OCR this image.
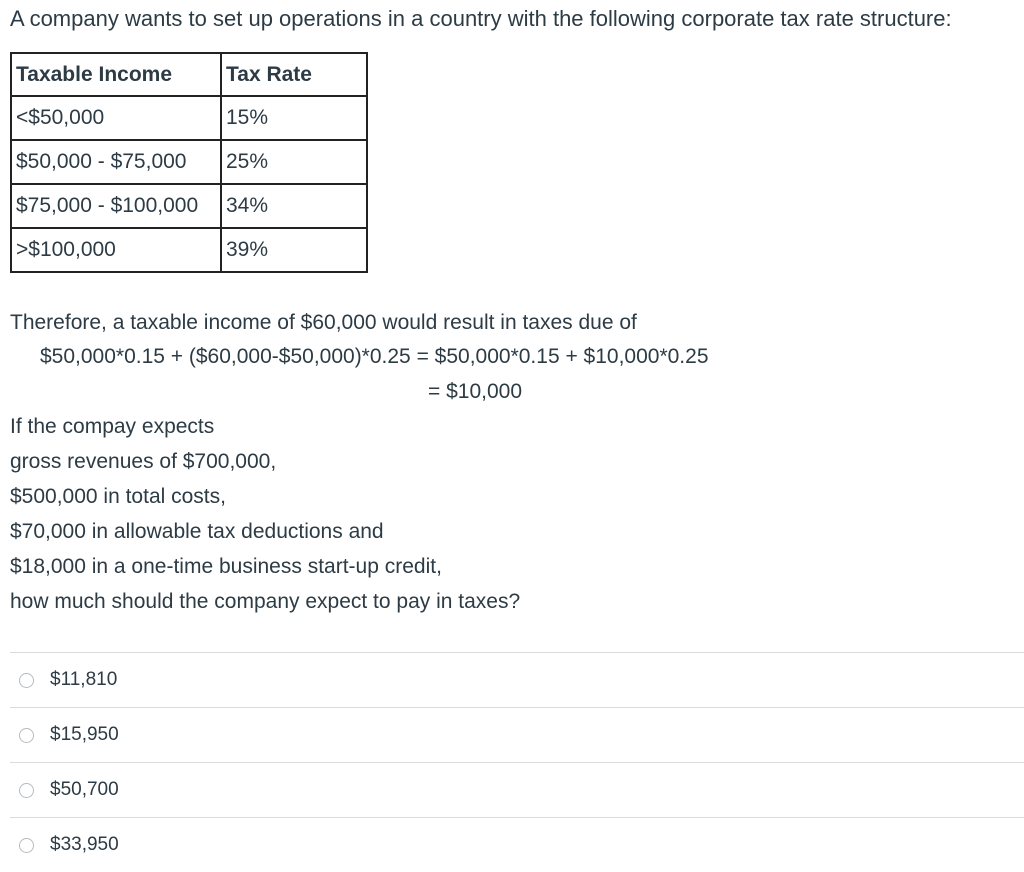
A company wants to set up operations in a country with the following corporate tax rate structure:
Taxable Income	Tax Rate
<$50,000	15%
$50,000 - $75,000	25%
$75,000 - $100,000	34%
>$100,000	39%
Therefore, a taxable income of $60,000 would result in taxes due of
$50,000*0.15 + ($60,000-$50,000)*0.25 = $50,000*0.15 + $10,000*0.25
= $10,000
If the compay expects
gross revenues of $700,000,
$500,000 in total costs,
$70,000 in allowable tax deductions and
$18,000 in a one-time business start-up credit,
how much should the company expect to pay in taxes?
$11,810
$15,950
$50,700
$33,950
